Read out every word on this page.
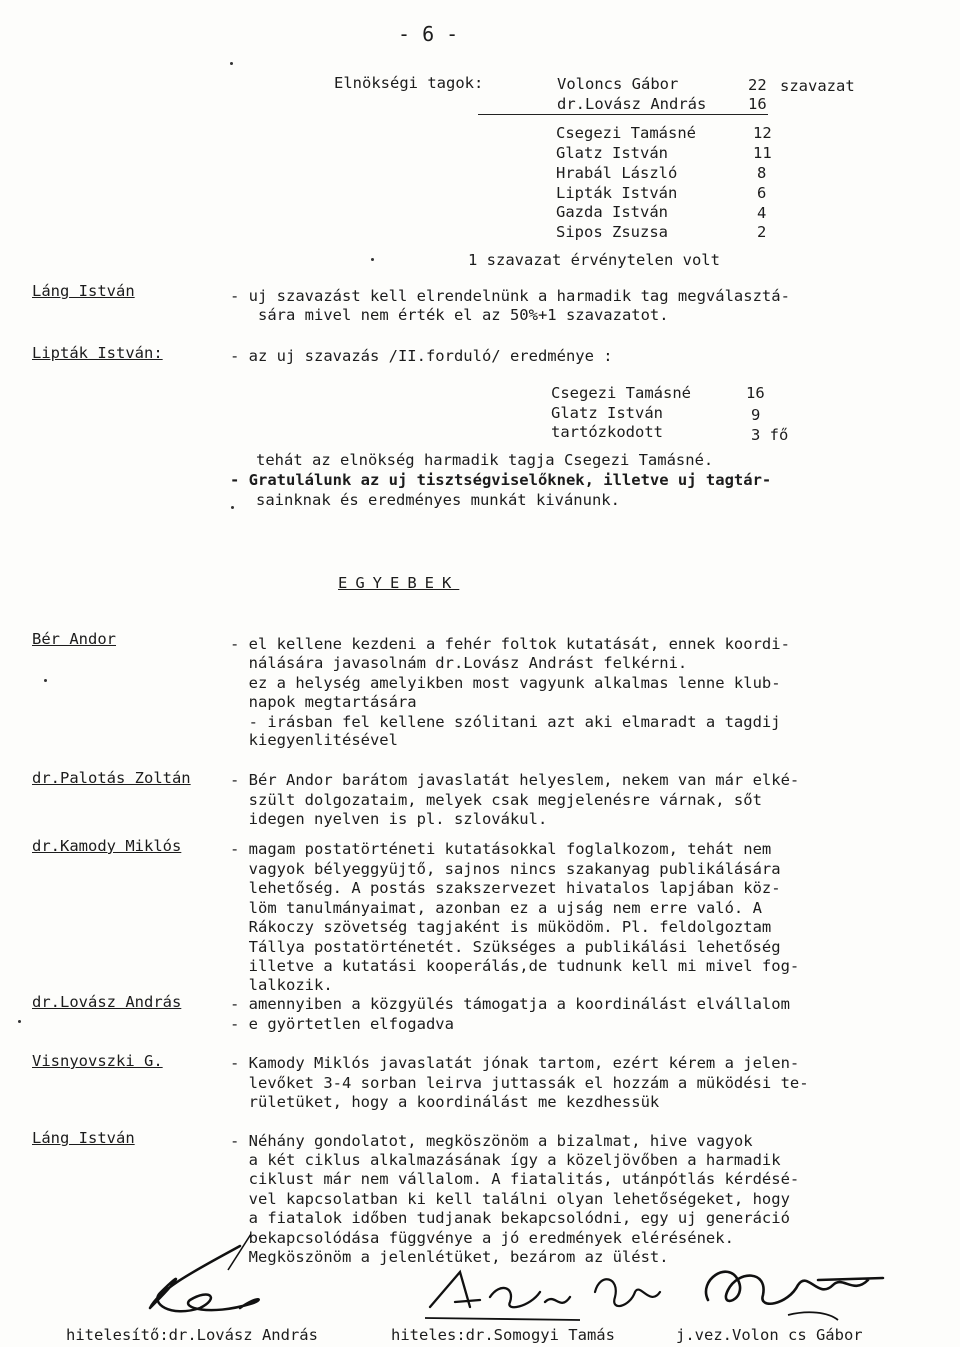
- 6 -
Elnökségi tagok:	szavazat
Voloncs Gábor	22
dr.Lovász András	16
Csegezi Tamásné	12
Glatz István	11
Hrabál László	8
Lipták István	6
Gazda István	4
Sipos Zsuzsa	2
1 szavazat érvénytelen volt
Láng István	- uj szavazást kell elrendelnünk a harmadik tag megválasztá-
sára mivel nem érték el az 50%+1 szavazatot.
Lipták István:	- az uj szavazás /II.forduló/ eredménye :
Csegezi Tamásné	16
Glatz István	9
tartózkodott	3 fő
tehát az elnökség harmadik tagja Csegezi Tamásné.
- Gratulálunk az uj tisztségviselőknek, illetve uj tagtár-
sainknak és eredményes munkát kivánunk.
EGYEBEK
Bér Andor	- el kellene kezdeni a fehér foltok kutatását, ennek koordi-
nálására javasolnám dr.Lovász Andrást felkérni.
ez a helység amelyikben most vagyunk alkalmas lenne klub-
napok megtartására
- irásban fel kellene szólitani azt aki elmaradt a tagdij
kiegyenlitésével
dr.Palotás Zoltán	- Bér Andor barátom javaslatát helyeslem, nekem van már elké-
szült dolgozataim, melyek csak megjelenésre várnak, sőt
idegen nyelven is pl. szlovákul.
dr.Kamody Miklós	- magam postatörténeti kutatásokkal foglalkozom, tehát nem
vagyok bélyeggyüjtő, sajnos nincs szakanyag publikálására
lehetőség. A postás szakszervezet hivatalos lapjában köz-
löm tanulmányaimat, azonban ez a ujság nem erre való. A
Rákoczy szövetség tagjaként is müködöm. Pl. feldolgoztam
Tállya postatörténetét. Szükséges a publikálási lehetőség
illetve a kutatási kooperálás,de tudnunk kell mi mivel fog-
lalkozik.
dr.Lovász András	- amennyiben a közgyülés támogatja a koordinálást elvállalom
- e györtetlen elfogadva
Visnyovszki G.	- Kamody Miklós javaslatát jónak tartom, ezért kérem a jelen-
levőket 3-4 sorban leirva juttassák el hozzám a müködési te-
rületüket, hogy a koordinálást me kezdhessük
Láng István	- Néhány gondolatot, megköszönöm a bizalmat, hive vagyok
a két ciklus alkalmazásának így a közeljövőben a harmadik
ciklust már nem vállalom. A fiatalitás, utánpótlás kérdésé-
vel kapcsolatban ki kell találni olyan lehetőségeket, hogy
a fiatalok időben tudjanak bekapcsolódni, egy uj generáció
bekapcsolódása függvénye a jó eredmények elérésének.
Megköszönöm a jelenlétüket, bezárom az ülést.
hitelesítő:dr.Lovász András	hiteles:dr.Somogyi Tamás	j.vez.Volon cs Gábor
